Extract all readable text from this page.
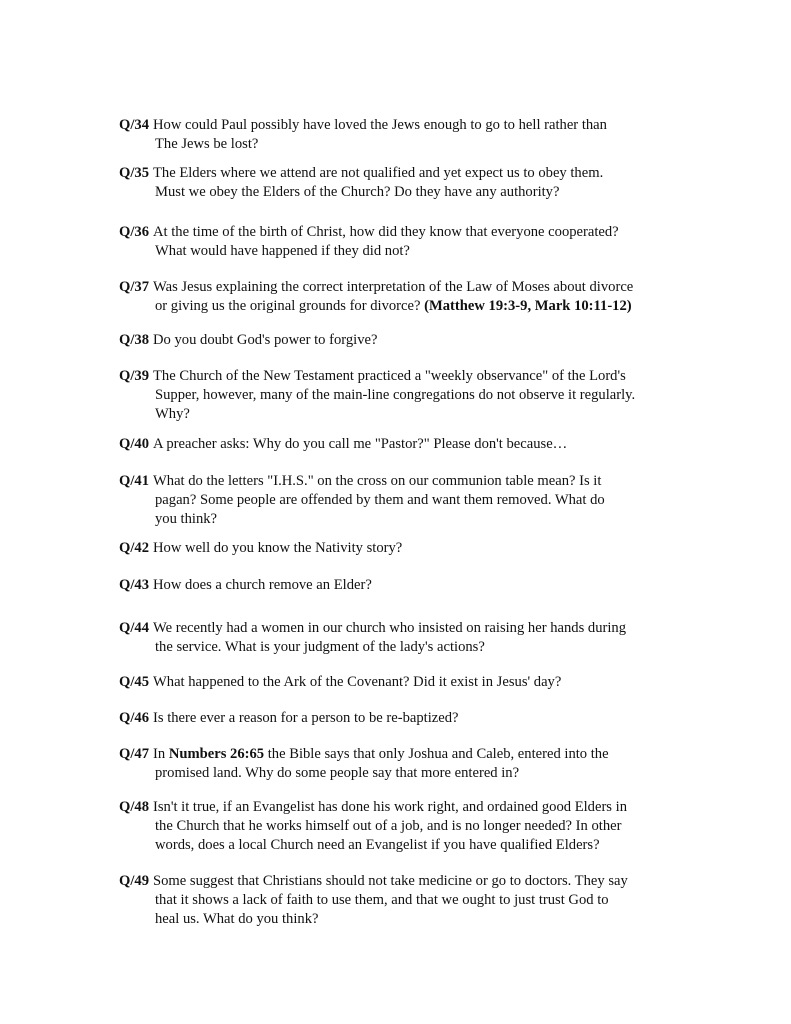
Q/34 How could Paul possibly have loved the Jews enough to go to hell rather than
The Jews be lost?
Q/35 The Elders where we attend are not qualified and yet expect us to obey them.
Must we obey the Elders of the Church? Do they have any authority?
Q/36 At the time of the birth of Christ, how did they know that everyone cooperated?
What would have happened if they did not?
Q/37 Was Jesus explaining the correct interpretation of the Law of Moses about divorce
or giving us the original grounds for divorce? (Matthew 19:3-9, Mark 10:11-12)
Q/38 Do you doubt God's power to forgive?
Q/39 The Church of the New Testament practiced a "weekly observance" of the Lord's
Supper, however, many of the main-line congregations do not observe it regularly.
Why?
Q/40 A preacher asks: Why do you call me "Pastor?" Please don't because…
Q/41 What do the letters "I.H.S." on the cross on our communion table mean? Is it
pagan? Some people are offended by them and want them removed. What do
you think?
Q/42 How well do you know the Nativity story?
Q/43 How does a church remove an Elder?
Q/44 We recently had a women in our church who insisted on raising her hands during
the service. What is your judgment of the lady's actions?
Q/45 What happened to the Ark of the Covenant? Did it exist in Jesus' day?
Q/46 Is there ever a reason for a person to be re-baptized?
Q/47 In Numbers 26:65 the Bible says that only Joshua and Caleb, entered into the
promised land. Why do some people say that more entered in?
Q/48 Isn't it true, if an Evangelist has done his work right, and ordained good Elders in
the Church that he works himself out of a job, and is no longer needed? In other
words, does a local Church need an Evangelist if you have qualified Elders?
Q/49 Some suggest that Christians should not take medicine or go to doctors. They say
that it shows a lack of faith to use them, and that we ought to just trust God to
heal us. What do you think?
